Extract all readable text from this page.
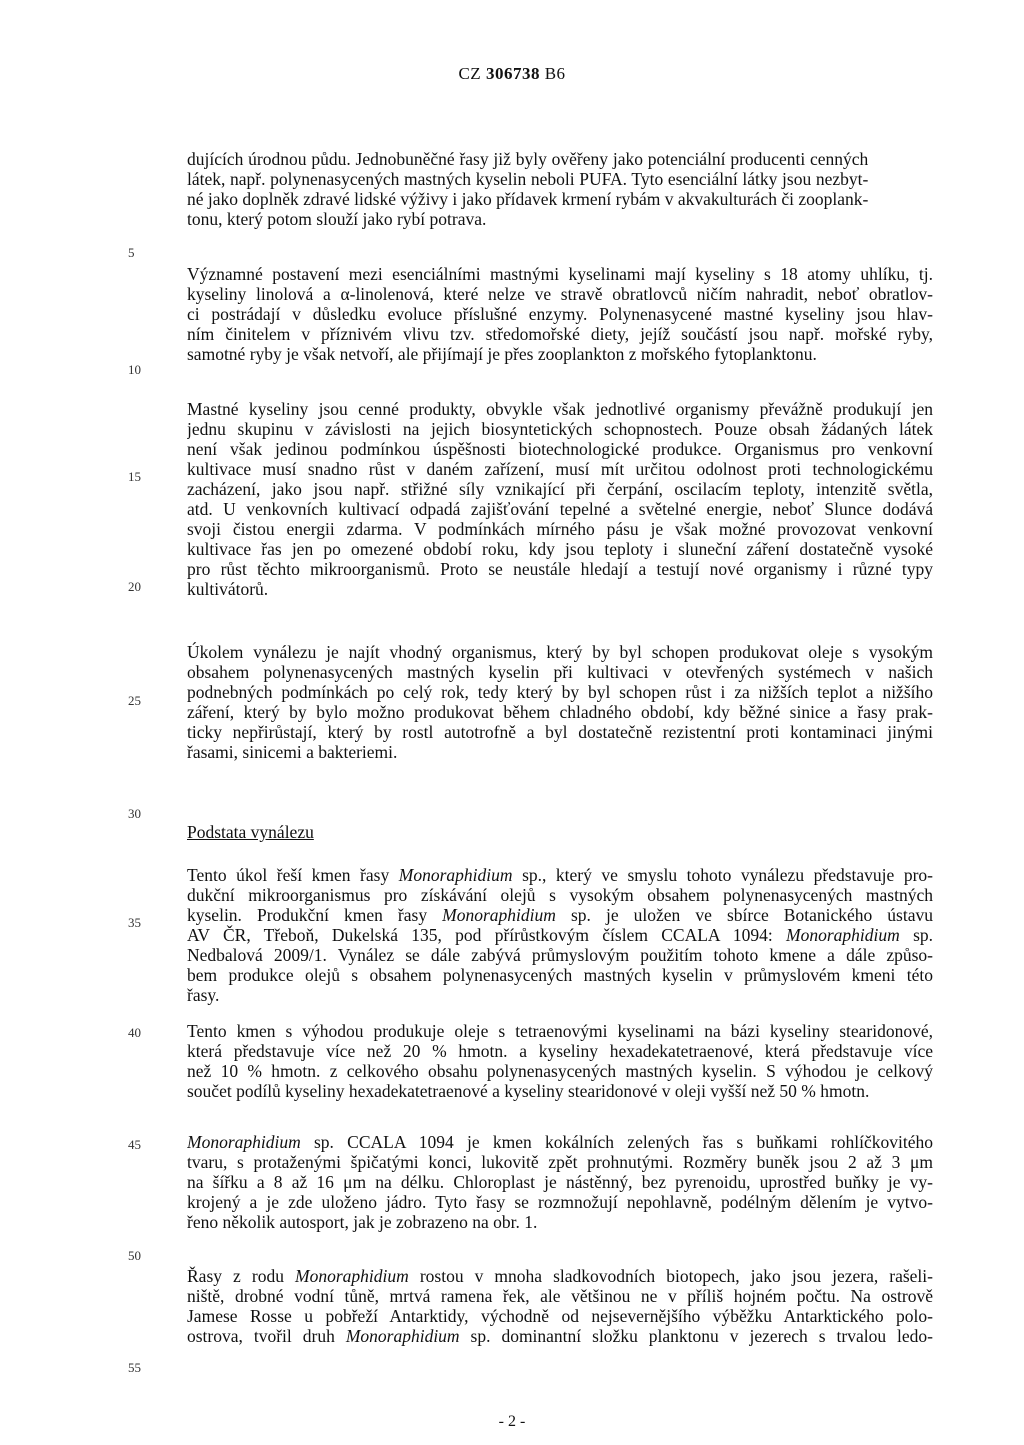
CZ 306738 B6
5
10
15
20
25
30
35
40
45
50
55
dujících úrodnou půdu. Jednobuněčné řasy již byly ověřeny jako potenciální producenti cenných
látek, např. polynenasycených mastných kyselin neboli PUFA. Tyto esenciální látky jsou nezbyt-
né jako doplněk zdravé lidské výživy i jako přídavek krmení rybám v akvakulturách či zooplank-
tonu, který potom slouží jako rybí potrava.
Významné postavení mezi esenciálními mastnými kyselinami mají kyseliny s 18 atomy uhlíku, tj.
kyseliny linolová a α-linolenová, které nelze ve stravě obratlovců ničím nahradit, neboť obratlov-
ci postrádají v důsledku evoluce příslušné enzymy. Polynenasycené mastné kyseliny jsou hlav-
ním činitelem v příznivém vlivu tzv. středomořské diety, jejíž součástí jsou např. mořské ryby,
samotné ryby je však netvoří, ale přijímají je přes zooplankton z mořského fytoplanktonu.
Mastné kyseliny jsou cenné produkty, obvykle však jednotlivé organismy převážně produkují jen
jednu skupinu v závislosti na jejich biosyntetických schopnostech. Pouze obsah žádaných látek
není však jedinou podmínkou úspěšnosti biotechnologické produkce. Organismus pro venkovní
kultivace musí snadno růst v daném zařízení, musí mít určitou odolnost proti technologickému
zacházení, jako jsou např. střižné síly vznikající při čerpání, oscilacím teploty, intenzitě světla,
atd. U venkovních kultivací odpadá zajišťování tepelné a světelné energie, neboť Slunce dodává
svoji čistou energii zdarma. V podmínkách mírného pásu je však možné provozovat venkovní
kultivace řas jen po omezené období roku, kdy jsou teploty i sluneční záření dostatečně vysoké
pro růst těchto mikroorganismů. Proto se neustále hledají a testují nové organismy i různé typy
kultivátorů.
Úkolem vynálezu je najít vhodný organismus, který by byl schopen produkovat oleje s vysokým
obsahem polynenasycených mastných kyselin při kultivaci v otevřených systémech v našich
podnebných podmínkách po celý rok, tedy který by byl schopen růst i za nižších teplot a nižšího
záření, který by bylo možno produkovat během chladného období, kdy běžné sinice a řasy prak-
ticky nepřirůstají, který by rostl autotrofně a byl dostatečně rezistentní proti kontaminaci jinými
řasami, sinicemi a bakteriemi.
Podstata vynálezu
Tento úkol řeší kmen řasy Monoraphidium sp., který ve smyslu tohoto vynálezu představuje pro-
dukční mikroorganismus pro získávání olejů s vysokým obsahem polynenasycených mastných
kyselin. Produkční kmen řasy Monoraphidium sp. je uložen ve sbírce Botanického ústavu
AV ČR, Třeboň, Dukelská 135, pod přírůstkovým číslem CCALA 1094: Monoraphidium sp.
Nedbalová 2009/1. Vynález se dále zabývá průmyslovým použitím tohoto kmene a dále způso-
bem produkce olejů s obsahem polynenasycených mastných kyselin v průmyslovém kmeni této
řasy.
Tento kmen s výhodou produkuje oleje s tetraenovými kyselinami na bázi kyseliny stearidonové,
která představuje více než 20 % hmotn. a kyseliny hexadekatetraenové, která představuje více
než 10 % hmotn. z celkového obsahu polynenasycených mastných kyselin. S výhodou je celkový
součet podílů kyseliny hexadekatetraenové a kyseliny stearidonové v oleji vyšší než 50 % hmotn.
Monoraphidium sp. CCALA 1094 je kmen kokálních zelených řas s buňkami rohlíčkovitého
tvaru, s protaženými špičatými konci, lukovitě zpět prohnutými. Rozměry buněk jsou 2 až 3 μm
na šířku a 8 až 16 μm na délku. Chloroplast je nástěnný, bez pyrenoidu, uprostřed buňky je vy-
krojený a je zde uloženo jádro. Tyto řasy se rozmnožují nepohlavně, podélným dělením je vytvo-
řeno několik autosport, jak je zobrazeno na obr. 1.
Řasy z rodu Monoraphidium rostou v mnoha sladkovodních biotopech, jako jsou jezera, rašeli-
niště, drobné vodní tůně, mrtvá ramena řek, ale většinou ne v příliš hojném počtu. Na ostrově
Jamese Rosse u pobřeží Antarktidy, východně od nejsevernějšího výběžku Antarktického polo-
ostrova, tvořil druh Monoraphidium sp. dominantní složku planktonu v jezerech s trvalou ledo-
- 2 -
